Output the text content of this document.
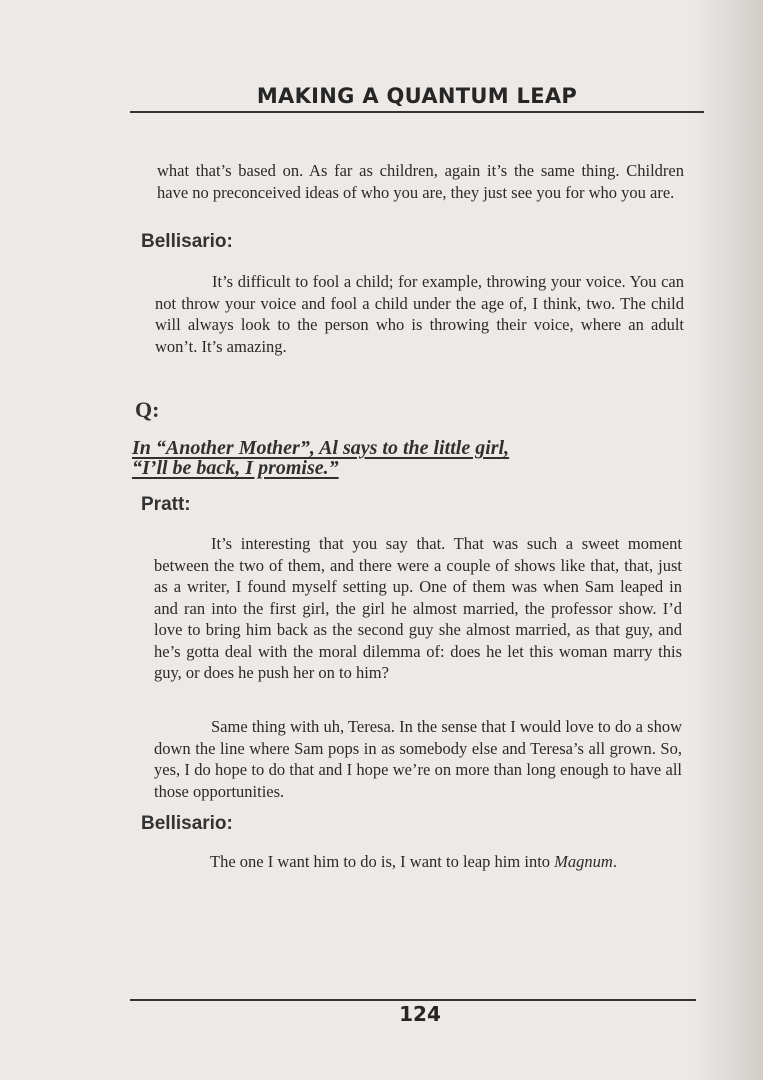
MAKING A QUANTUM LEAP

what that’s based on. As far as children, again it’s the same thing. Children have no preconceived ideas of who you are, they just see you for who you are.

Bellisario:

It’s difficult to fool a child; for example, throwing your voice. You can not throw your voice and fool a child under the age of, I think, two. The child will always look to the person who is throwing their voice, where an adult won’t. It’s amazing.

Q:
In “Another Mother”, Al says to the little girl,
“I’ll be back, I promise.”
Pratt:

It’s interesting that you say that. That was such a sweet moment between the two of them, and there were a couple of shows like that, that, just as a writer, I found myself setting up. One of them was when Sam leaped in and ran into the first girl, the girl he almost married, the professor show. I’d love to bring him back as the second guy she almost married, as that guy, and he’s gotta deal with the moral dilemma of: does he let this woman marry this guy, or does he push her on to him?

Same thing with uh, Teresa. In the sense that I would love to do a show down the line where Sam pops in as somebody else and Teresa’s all grown. So, yes, I do hope to do that and I hope we’re on more than long enough to have all those opportunities.

Bellisario:

The one I want him to do is, I want to leap him into Magnum.

124
